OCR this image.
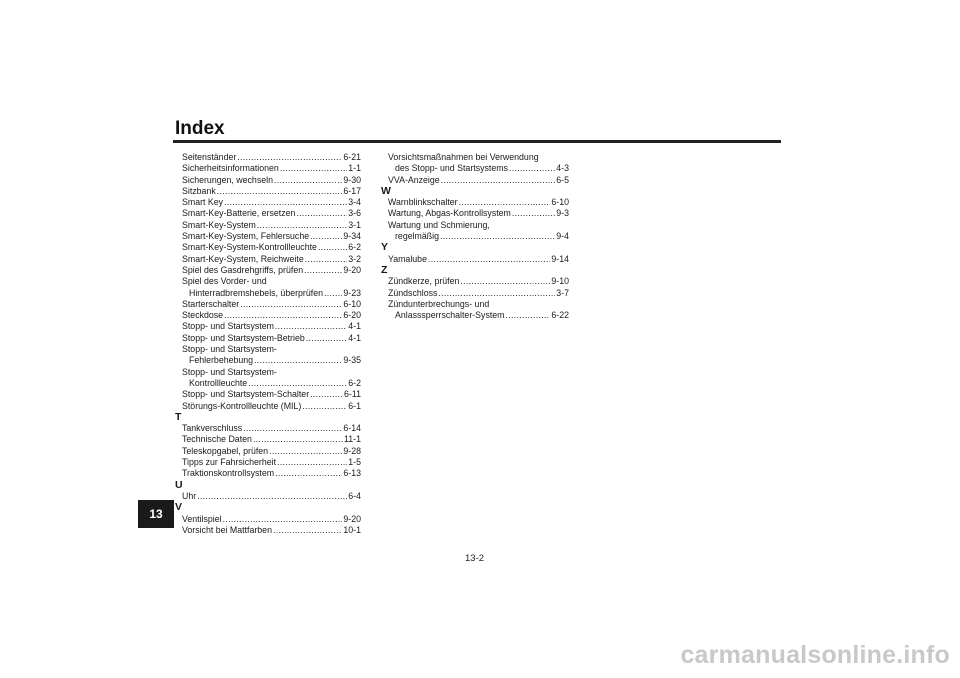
Index
13
Seitenständer .....	6-21
Sicherheitsinformationen .....	1-1
Sicherungen, wechseln .....	9-30
Sitzbank .....	6-17
Smart Key .....	3-4
Smart-Key-Batterie, ersetzen .....	3-6
Smart-Key-System .....	3-1
Smart-Key-System, Fehlersuche .....	9-34
Smart-Key-System-Kontrollleuchte .....	6-2
Smart-Key-System, Reichweite .....	3-2
Spiel des Gasdrehgriffs, prüfen .....	9-20
Spiel des Vorder- und
Hinterradbremshebels, überprüfen ..... 9-23
Starterschalter .....	6-10
Steckdose .....	6-20
Stopp- und Startsystem .....	4-1
Stopp- und Startsystem-Betrieb .....	4-1
Stopp- und Startsystem-
Fehlerbehebung .....	9-35
Stopp- und Startsystem-
Kontrollleuchte .....	6-2
Stopp- und Startsystem-Schalter .....	6-11
Störungs-Kontrollleuchte (MIL) .....	6-1
T
Tankverschluss .....	6-14
Technische Daten .....	11-1
Teleskopgabel, prüfen .....	9-28
Tipps zur Fahrsicherheit .....	1-5
Traktionskontrollsystem .....	6-13
U
Uhr .....	6-4
V
Ventilspiel .....	9-20
Vorsicht bei Mattfarben .....	10-1
Vorsichtsmaßnahmen bei Verwendung
des Stopp- und Startsystems .....	4-3
VVA-Anzeige .....	6-5
W
Warnblinkschalter .....	6-10
Wartung, Abgas-Kontrollsystem .....	9-3
Wartung und Schmierung,
regelmäßig .....	9-4
Y
Yamalube .....	9-14
Z
Zündkerze, prüfen .....	9-10
Zündschloss .....	3-7
Zündunterbrechungs- und
Anlasssperrschalter-System .....	6-22
13-2
carmanualsonline.info
